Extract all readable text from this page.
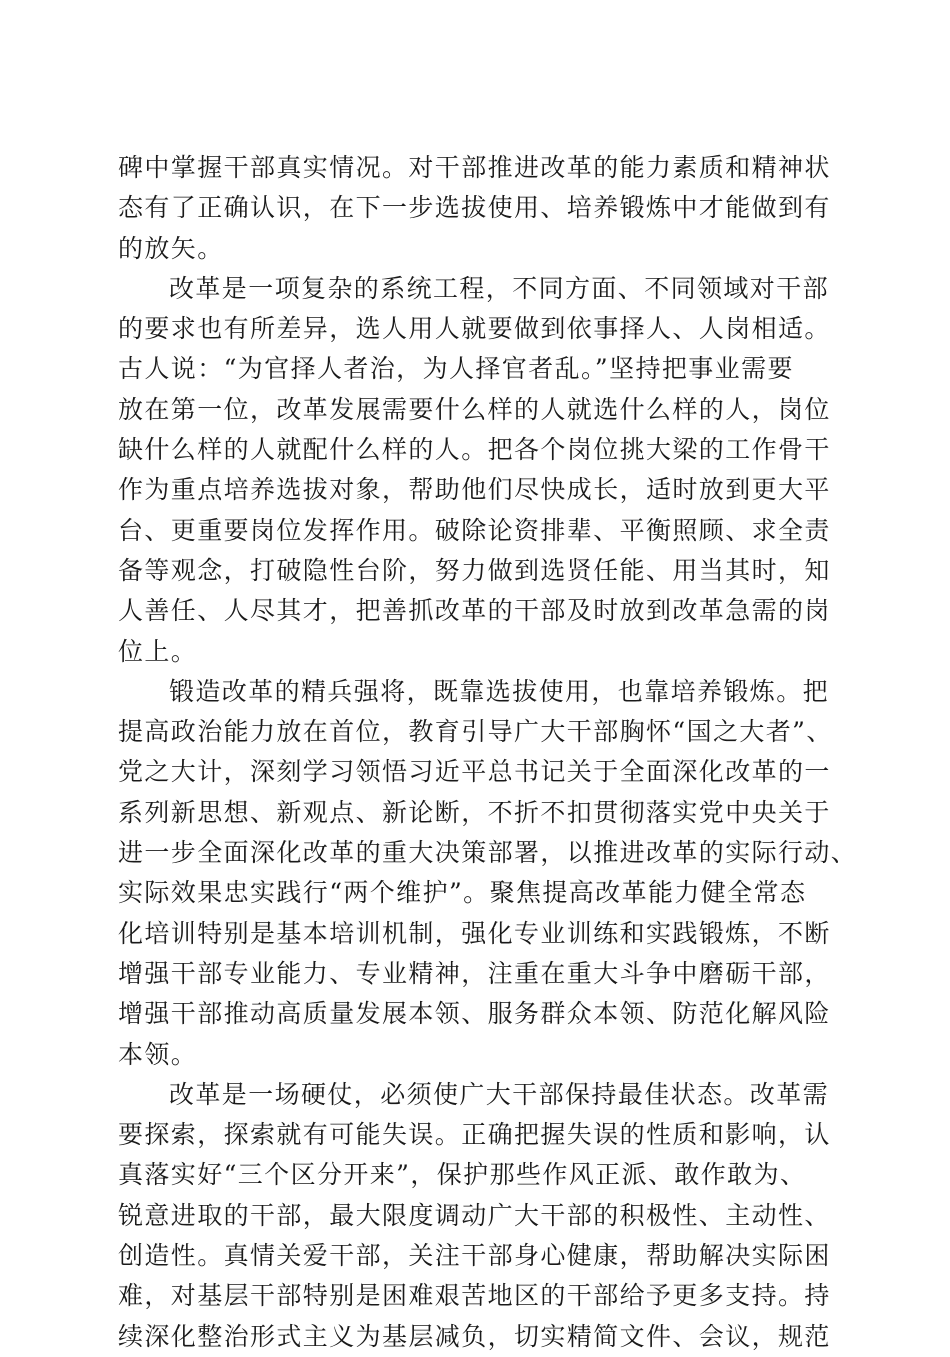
碑中掌握干部真实情况。对干部推进改革的能力素质和精神状
态有了正确认识，在下一步选拔使用、培养锻炼中才能做到有
的放矢。
改革是一项复杂的系统工程，不同方面、不同领域对干部
的要求也有所差异，选人用人就要做到依事择人、人岗相适。
古人说：“为官择人者治，为人择官者乱。”坚持把事业需要
放在第一位，改革发展需要什么样的人就选什么样的人，岗位
缺什么样的人就配什么样的人。把各个岗位挑大梁的工作骨干
作为重点培养选拔对象，帮助他们尽快成长，适时放到更大平
台、更重要岗位发挥作用。破除论资排辈、平衡照顾、求全责
备等观念，打破隐性台阶，努力做到选贤任能、用当其时，知
人善任、人尽其才，把善抓改革的干部及时放到改革急需的岗
位上。
锻造改革的精兵强将，既靠选拔使用，也靠培养锻炼。把
提高政治能力放在首位，教育引导广大干部胸怀“国之大者”、
党之大计，深刻学习领悟习近平总书记关于全面深化改革的一
系列新思想、新观点、新论断，不折不扣贯彻落实党中央关于
进一步全面深化改革的重大决策部署，以推进改革的实际行动、
实际效果忠实践行“两个维护”。聚焦提高改革能力健全常态
化培训特别是基本培训机制，强化专业训练和实践锻炼，不断
增强干部专业能力、专业精神，注重在重大斗争中磨砺干部，
增强干部推动高质量发展本领、服务群众本领、防范化解风险
本领。
改革是一场硬仗，必须使广大干部保持最佳状态。改革需
要探索，探索就有可能失误。正确把握失误的性质和影响，认
真落实好“三个区分开来”，保护那些作风正派、敢作敢为、
锐意进取的干部，最大限度调动广大干部的积极性、主动性、
创造性。真情关爱干部，关注干部身心健康，帮助解决实际困
难，对基层干部特别是困难艰苦地区的干部给予更多支持。持
续深化整治形式主义为基层减负，切实精简文件、会议，规范
